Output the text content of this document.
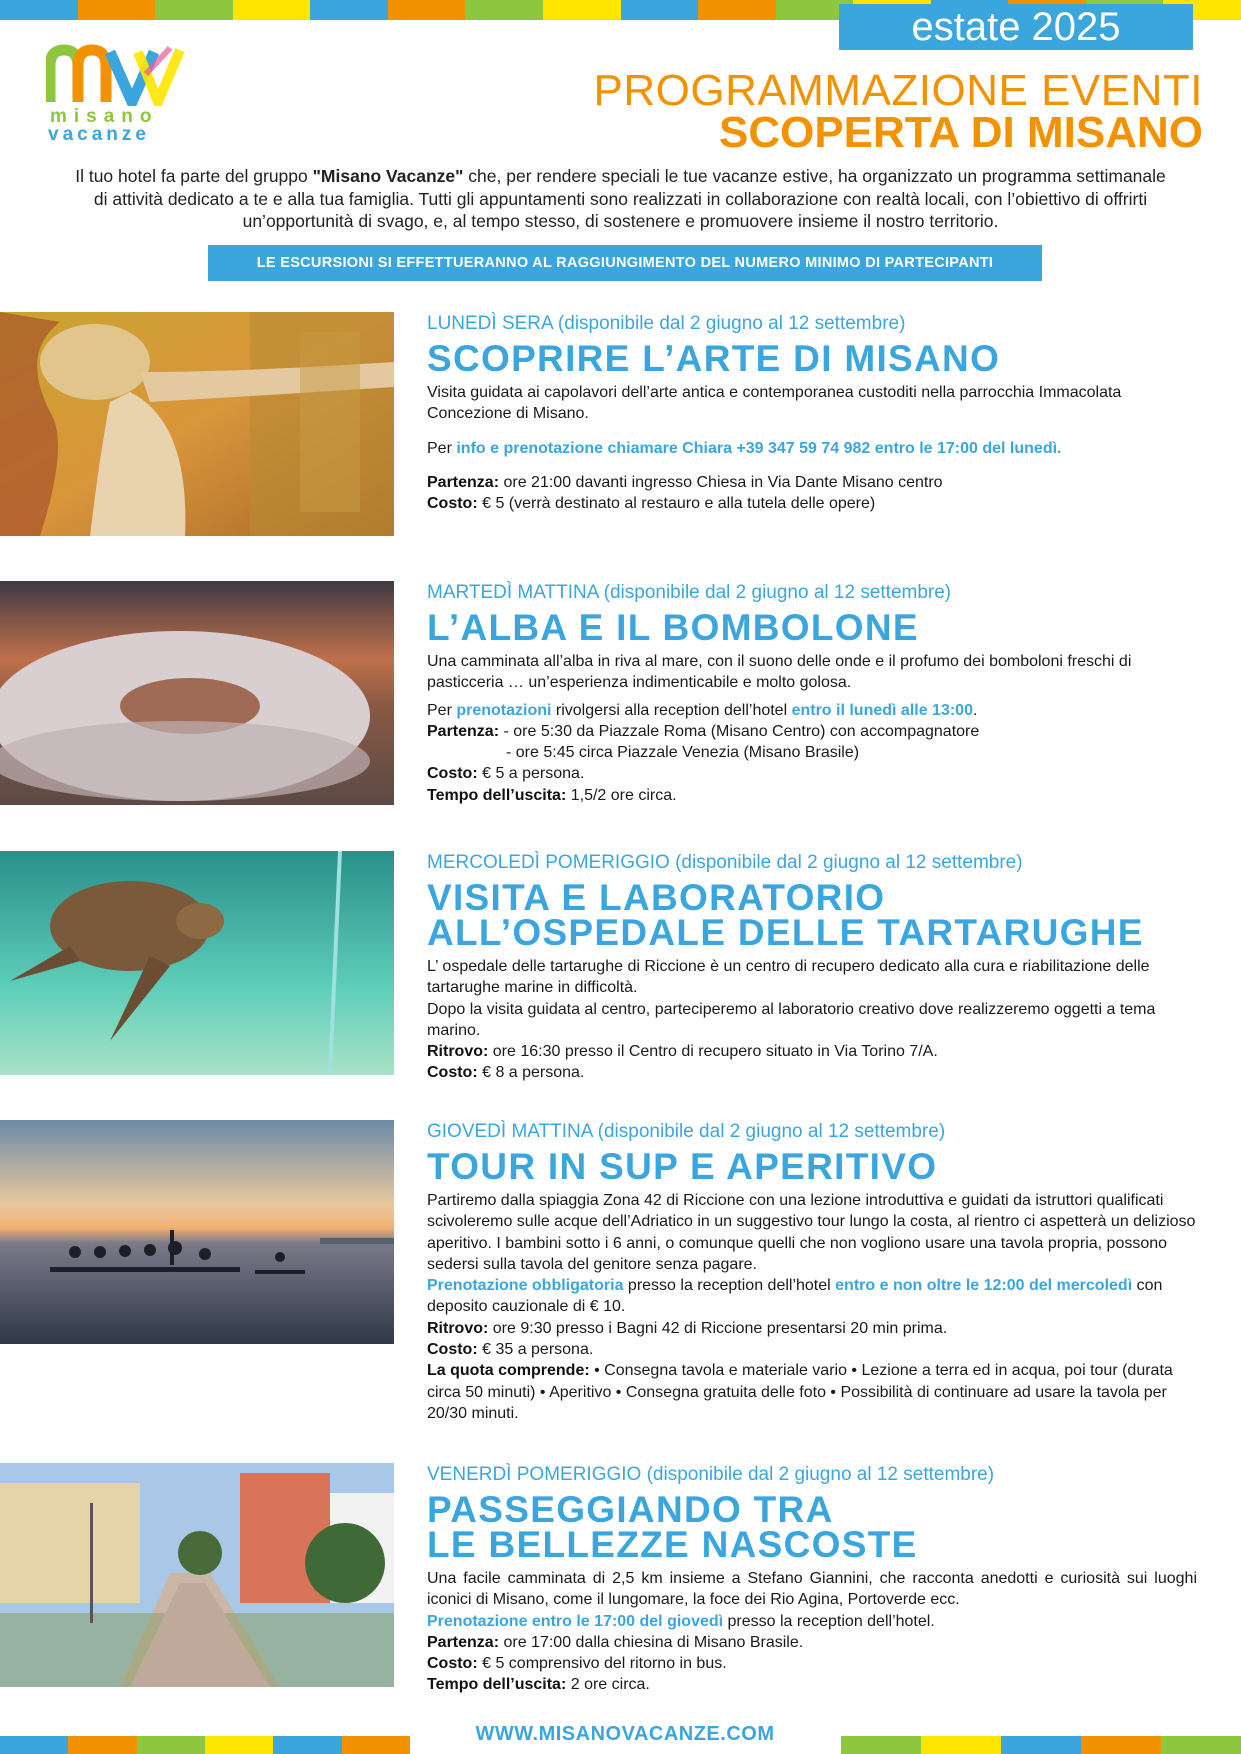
estate 2025
misano
vacanze
PROGRAMMAZIONE EVENTI
SCOPERTA DI MISANO

Il tuo hotel fa parte del gruppo "Misano Vacanze" che, per rendere speciali le tue vacanze estive, ha organizzato un programma settimanale di attività dedicato a te e alla tua famiglia. Tutti gli appuntamenti sono realizzati in collaborazione con realtà locali, con l’obiettivo di offrirti un’opportunità di svago, e, al tempo stesso, di sostenere e promuovere insieme il nostro territorio.

LE ESCURSIONI SI EFFETTUERANNO AL RAGGIUNGIMENTO DEL NUMERO MINIMO DI PARTECIPANTI
LUNEDÌ SERA (disponibile dal 2 giugno al 12 settembre)
SCOPRIRE L’ARTE DI MISANO

Visita guidata ai capolavori dell’arte antica e contemporanea custoditi nella parrocchia Immacolata Concezione di Misano.

Per info e prenotazione chiamare Chiara +39 347 59 74 982 entro le 17:00 del lunedì.

Partenza: ore 21:00 davanti ingresso Chiesa in Via Dante Misano centro
Costo: € 5 (verrà destinato al restauro e alla tutela delle opere)

MARTEDÌ MATTINA (disponibile dal 2 giugno al 12 settembre)
L’ALBA E IL BOMBOLONE

Una camminata all’alba in riva al mare, con il suono delle onde e il profumo dei bomboloni freschi di pasticceria … un’esperienza indimenticabile e molto golosa.

Per prenotazioni rivolgersi alla reception dell’hotel entro il lunedì alle 13:00.
Partenza: - ore 5:30 da Piazzale Roma (Misano Centro) con accompagnatore
- ore 5:45 circa Piazzale Venezia (Misano Brasile)
Costo: € 5 a persona.
Tempo dell’uscita: 1,5/2 ore circa.

MERCOLEDÌ POMERIGGIO (disponibile dal 2 giugno al 12 settembre)
VISITA E LABORATORIO
ALL’OSPEDALE DELLE TARTARUGHE

L’ ospedale delle tartarughe di Riccione è un centro di recupero dedicato alla cura e riabilitazione delle tartarughe marine in difficoltà.
Dopo la visita guidata al centro, parteciperemo al laboratorio creativo dove realizzeremo oggetti a tema marino.
Ritrovo: ore 16:30 presso il Centro di recupero situato in Via Torino 7/A.
Costo: € 8 a persona.

GIOVEDÌ MATTINA (disponibile dal 2 giugno al 12 settembre)
TOUR IN SUP E APERITIVO

Partiremo dalla spiaggia Zona 42 di Riccione con una lezione introduttiva e guidati da istruttori qualificati scivoleremo sulle acque dell’Adriatico in un suggestivo tour lungo la costa, al rientro ci aspetterà un delizioso aperitivo. I bambini sotto i 6 anni, o comunque quelli che non vogliono usare una tavola propria, possono sedersi sulla tavola del genitore senza pagare.
Prenotazione obbligatoria presso la reception dell’hotel entro e non oltre le 12:00 del mercoledì con deposito cauzionale di € 10.
Ritrovo: ore 9:30 presso i Bagni 42 di Riccione presentarsi 20 min prima.
Costo: € 35 a persona.
La quota comprende: • Consegna tavola e materiale vario • Lezione a terra ed in acqua, poi tour (durata circa 50 minuti) • Aperitivo • Consegna gratuita delle foto • Possibilità di continuare ad usare la tavola per 20/30 minuti.

VENERDÌ POMERIGGIO (disponibile dal 2 giugno al 12 settembre)
PASSEGGIANDO TRA
LE BELLEZZE NASCOSTE

Una facile camminata di 2,5 km insieme a Stefano Giannini, che racconta anedotti e curiosità sui luoghi iconici di Misano, come il lungomare, la foce dei Rio Agina, Portoverde ecc.

Prenotazione entro le 17:00 del giovedì presso la reception dell’hotel.
Partenza: ore 17:00 dalla chiesina di Misano Brasile.
Costo: € 5 comprensivo del ritorno in bus.
Tempo dell’uscita: 2 ore circa.

WWW.MISANOVACANZE.COM
